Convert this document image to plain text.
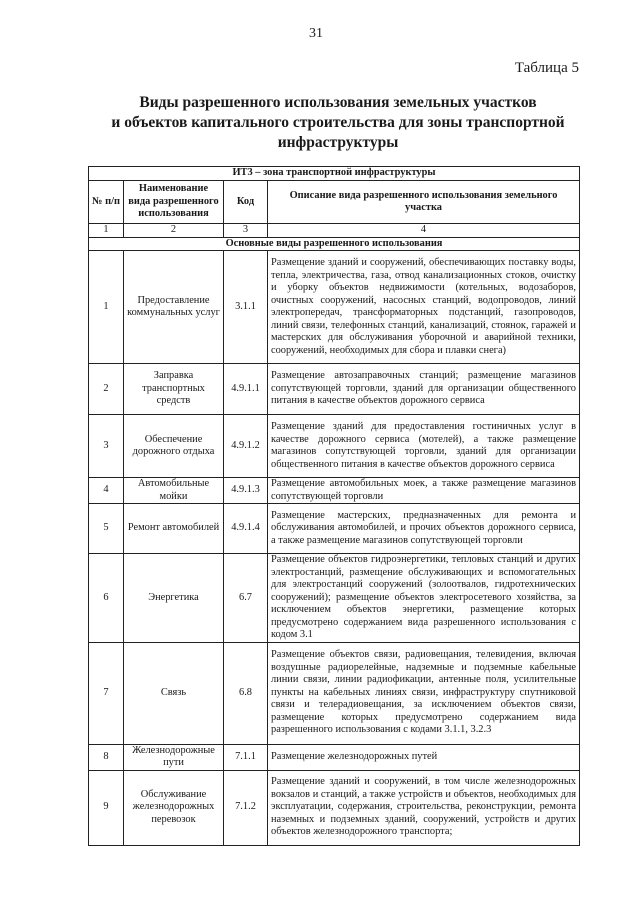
31
Таблица 5
Виды разрешенного использования земельных участков
и объектов капитального строительства для зоны транспортной
инфраструктуры
ИТ3 – зона транспортной инфраструктуры			
№ п/п	Наименование вида разрешенного использования	Код	Описание вида разрешенного использования земельного участка
1	2	3	4
Основные виды разрешенного использования			
1	Предоставление коммунальных услуг	3.1.1	Размещение зданий и сооружений, обеспечивающих поставку воды, тепла, электричества, газа, отвод канализационных стоков, очистку и уборку объектов недвижимости (котельных, водозаборов, очистных сооружений, насосных станций, водопроводов, линий электропередач, трансформаторных подстанций, газопроводов, линий связи, телефонных станций, канализаций, стоянок, гаражей и мастерских для обслуживания уборочной и аварийной техники, сооружений, необходимых для сбора и плавки снега)
2	Заправка транспортных средств	4.9.1.1	Размещение автозаправочных станций; размещение магазинов сопутствующей торговли, зданий для организации общественного питания в качестве объектов дорожного сервиса
3	Обеспечение дорожного отдыха	4.9.1.2	Размещение зданий для предоставления гостиничных услуг в качестве дорожного сервиса (мотелей), а также размещение магазинов сопутствующей торговли, зданий для организации общественного питания в качестве объектов дорожного сервиса
4	Автомобильные мойки	4.9.1.3	Размещение автомобильных моек, а также размещение магазинов сопутствующей торговли
5	Ремонт автомобилей	4.9.1.4	Размещение мастерских, предназначенных для ремонта и обслуживания автомобилей, и прочих объектов дорожного сервиса, а также размещение магазинов сопутствующей торговли
6	Энергетика	6.7	Размещение объектов гидроэнергетики, тепловых станций и других электростанций, размещение обслуживающих и вспомогательных для электростанций сооружений (золоотвалов, гидротехнических сооружений); размещение объектов электросетевого хозяйства, за исключением объектов энергетики, размещение которых предусмотрено содержанием вида разрешенного использования с кодом 3.1
7	Связь	6.8	Размещение объектов связи, радиовещания, телевидения, включая воздушные радиорелейные, надземные и подземные кабельные линии связи, линии радиофикации, антенные поля, усилительные пункты на кабельных линиях связи, инфраструктуру спутниковой связи и телерадиовещания, за исключением объектов связи, размещение которых предусмотрено содержанием вида разрешенного использования с кодами 3.1.1, 3.2.3
8	Железнодорожные пути	7.1.1	Размещение железнодорожных путей
9	Обслуживание железнодорожных перевозок	7.1.2	Размещение зданий и сооружений, в том числе железнодорожных вокзалов и станций, а также устройств и объектов, необходимых для эксплуатации, содержания, строительства, реконструкции, ремонта наземных и подземных зданий, сооружений, устройств и других объектов железнодорожного транспорта;
